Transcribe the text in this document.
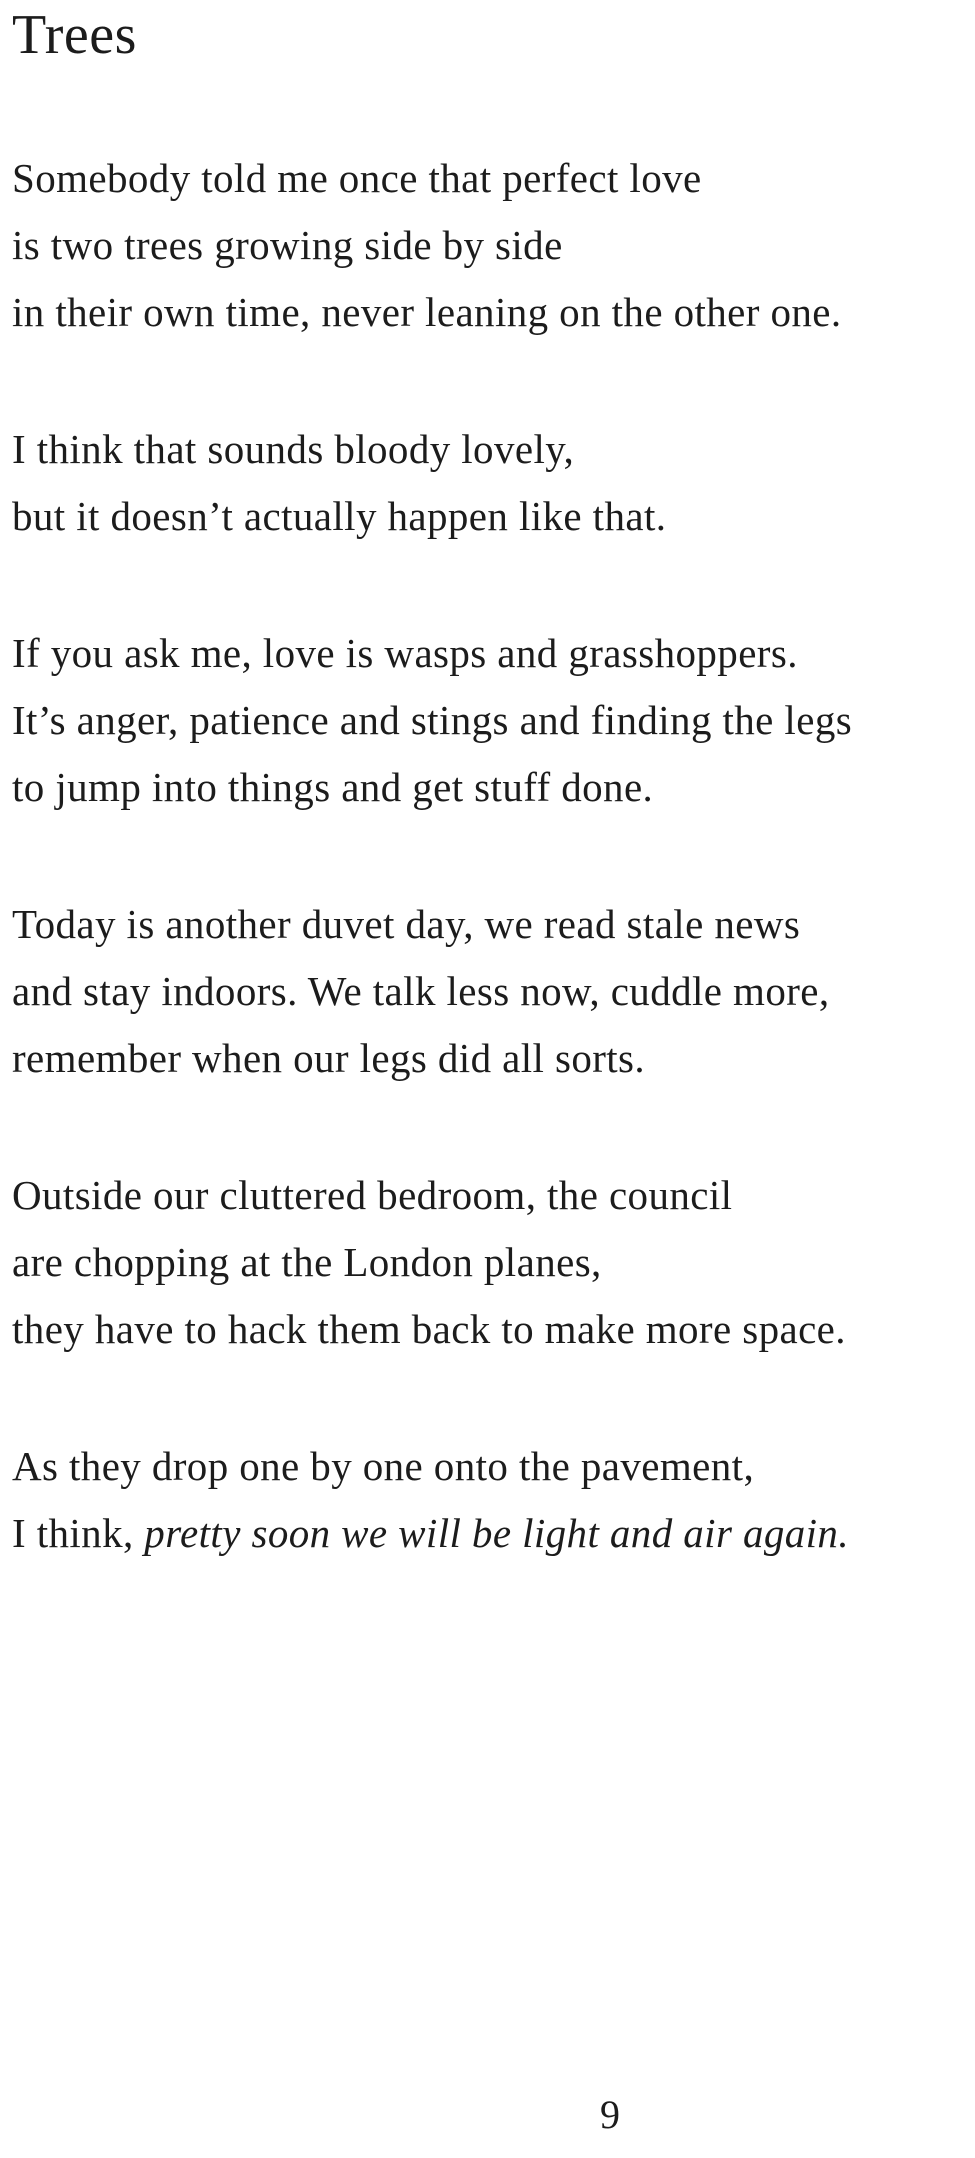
Trees
Somebody told me once that perfect love
is two trees growing side by side
in their own time, never leaning on the other one.
I think that sounds bloody lovely,
but it doesn’t actually happen like that.
If you ask me, love is wasps and grasshoppers.
It’s anger, patience and stings and finding the legs
to jump into things and get stuff done.
Today is another duvet day, we read stale news
and stay indoors. We talk less now, cuddle more,
remember when our legs did all sorts.
Outside our cluttered bedroom, the council
are chopping at the London planes,
they have to hack them back to make more space.
As they drop one by one onto the pavement,
I think, pretty soon we will be light and air again.
9
